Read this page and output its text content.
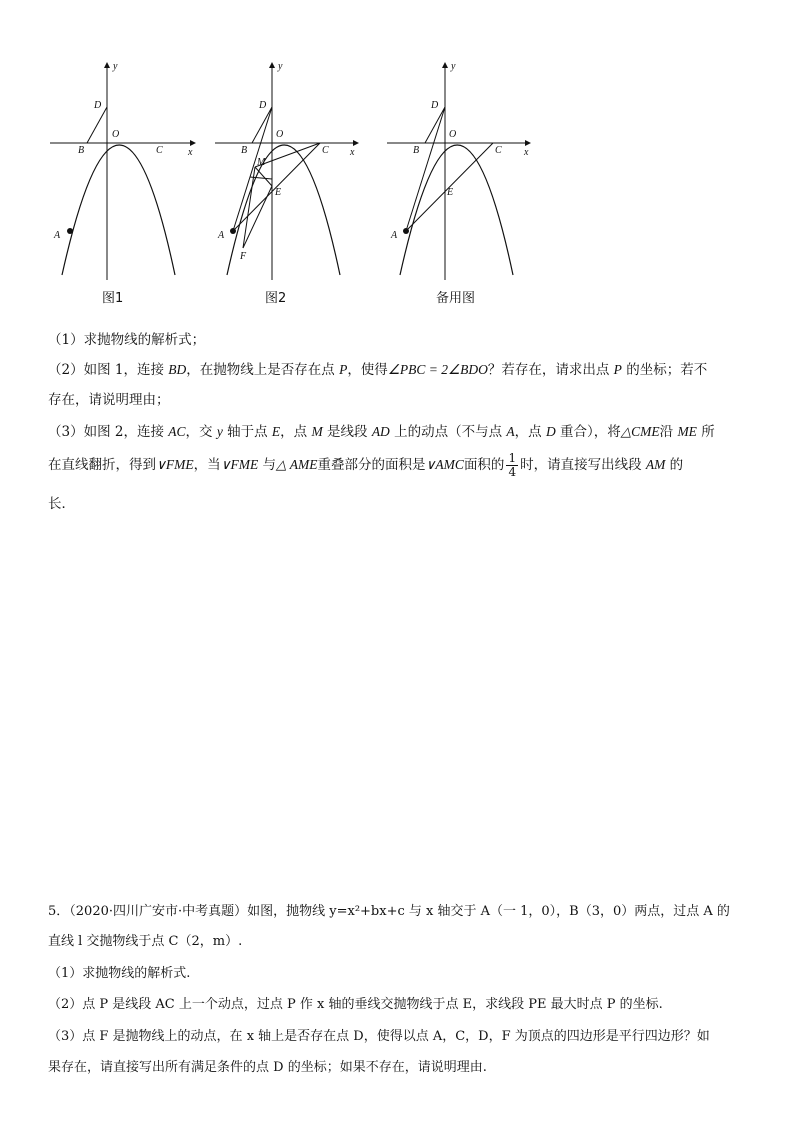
y
x
D
O
B	C
A
y
x
D
O
B	C
M
E
F
A
y
x
D
O
B	C
E
A
图1	图2	备用图
（1）求抛物线的解析式；
（2）如图 1，连接 BD，在抛物线上是否存在点 P，使得∠PBC = 2∠BDO？若存在，请求出点 P 的坐标；若不
存在，请说明理由；
（3）如图 2，连接 AC，交 y 轴于点 E，点 M 是线段 AD 上的动点（不与点 A，点 D 重合），将△CME沿 ME 所
在直线翻折，得到∨FME，当∨FME 与△ AME重叠部分的面积是∨AMC面积的 $\frac{1}{4}$ 时，请直接写出线段 AM 的
长．
5．（2020·四川广安市·中考真题）如图，抛物线 y=x²+bx+c 与 x 轴交于 A（一 1，0），B（3，0）两点，过点 A 的
直线 l 交抛物线于点 C（2，m）.
（1）求抛物线的解析式.
（2）点 P 是线段 AC 上一个动点，过点 P 作 x 轴的垂线交抛物线于点 E，求线段 PE 最大时点 P 的坐标.
（3）点 F 是抛物线上的动点，在 x 轴上是否存在点 D，使得以点 A，C，D，F 为顶点的四边形是平行四边形？如
果存在，请直接写出所有满足条件的点 D 的坐标；如果不存在，请说明理由.
